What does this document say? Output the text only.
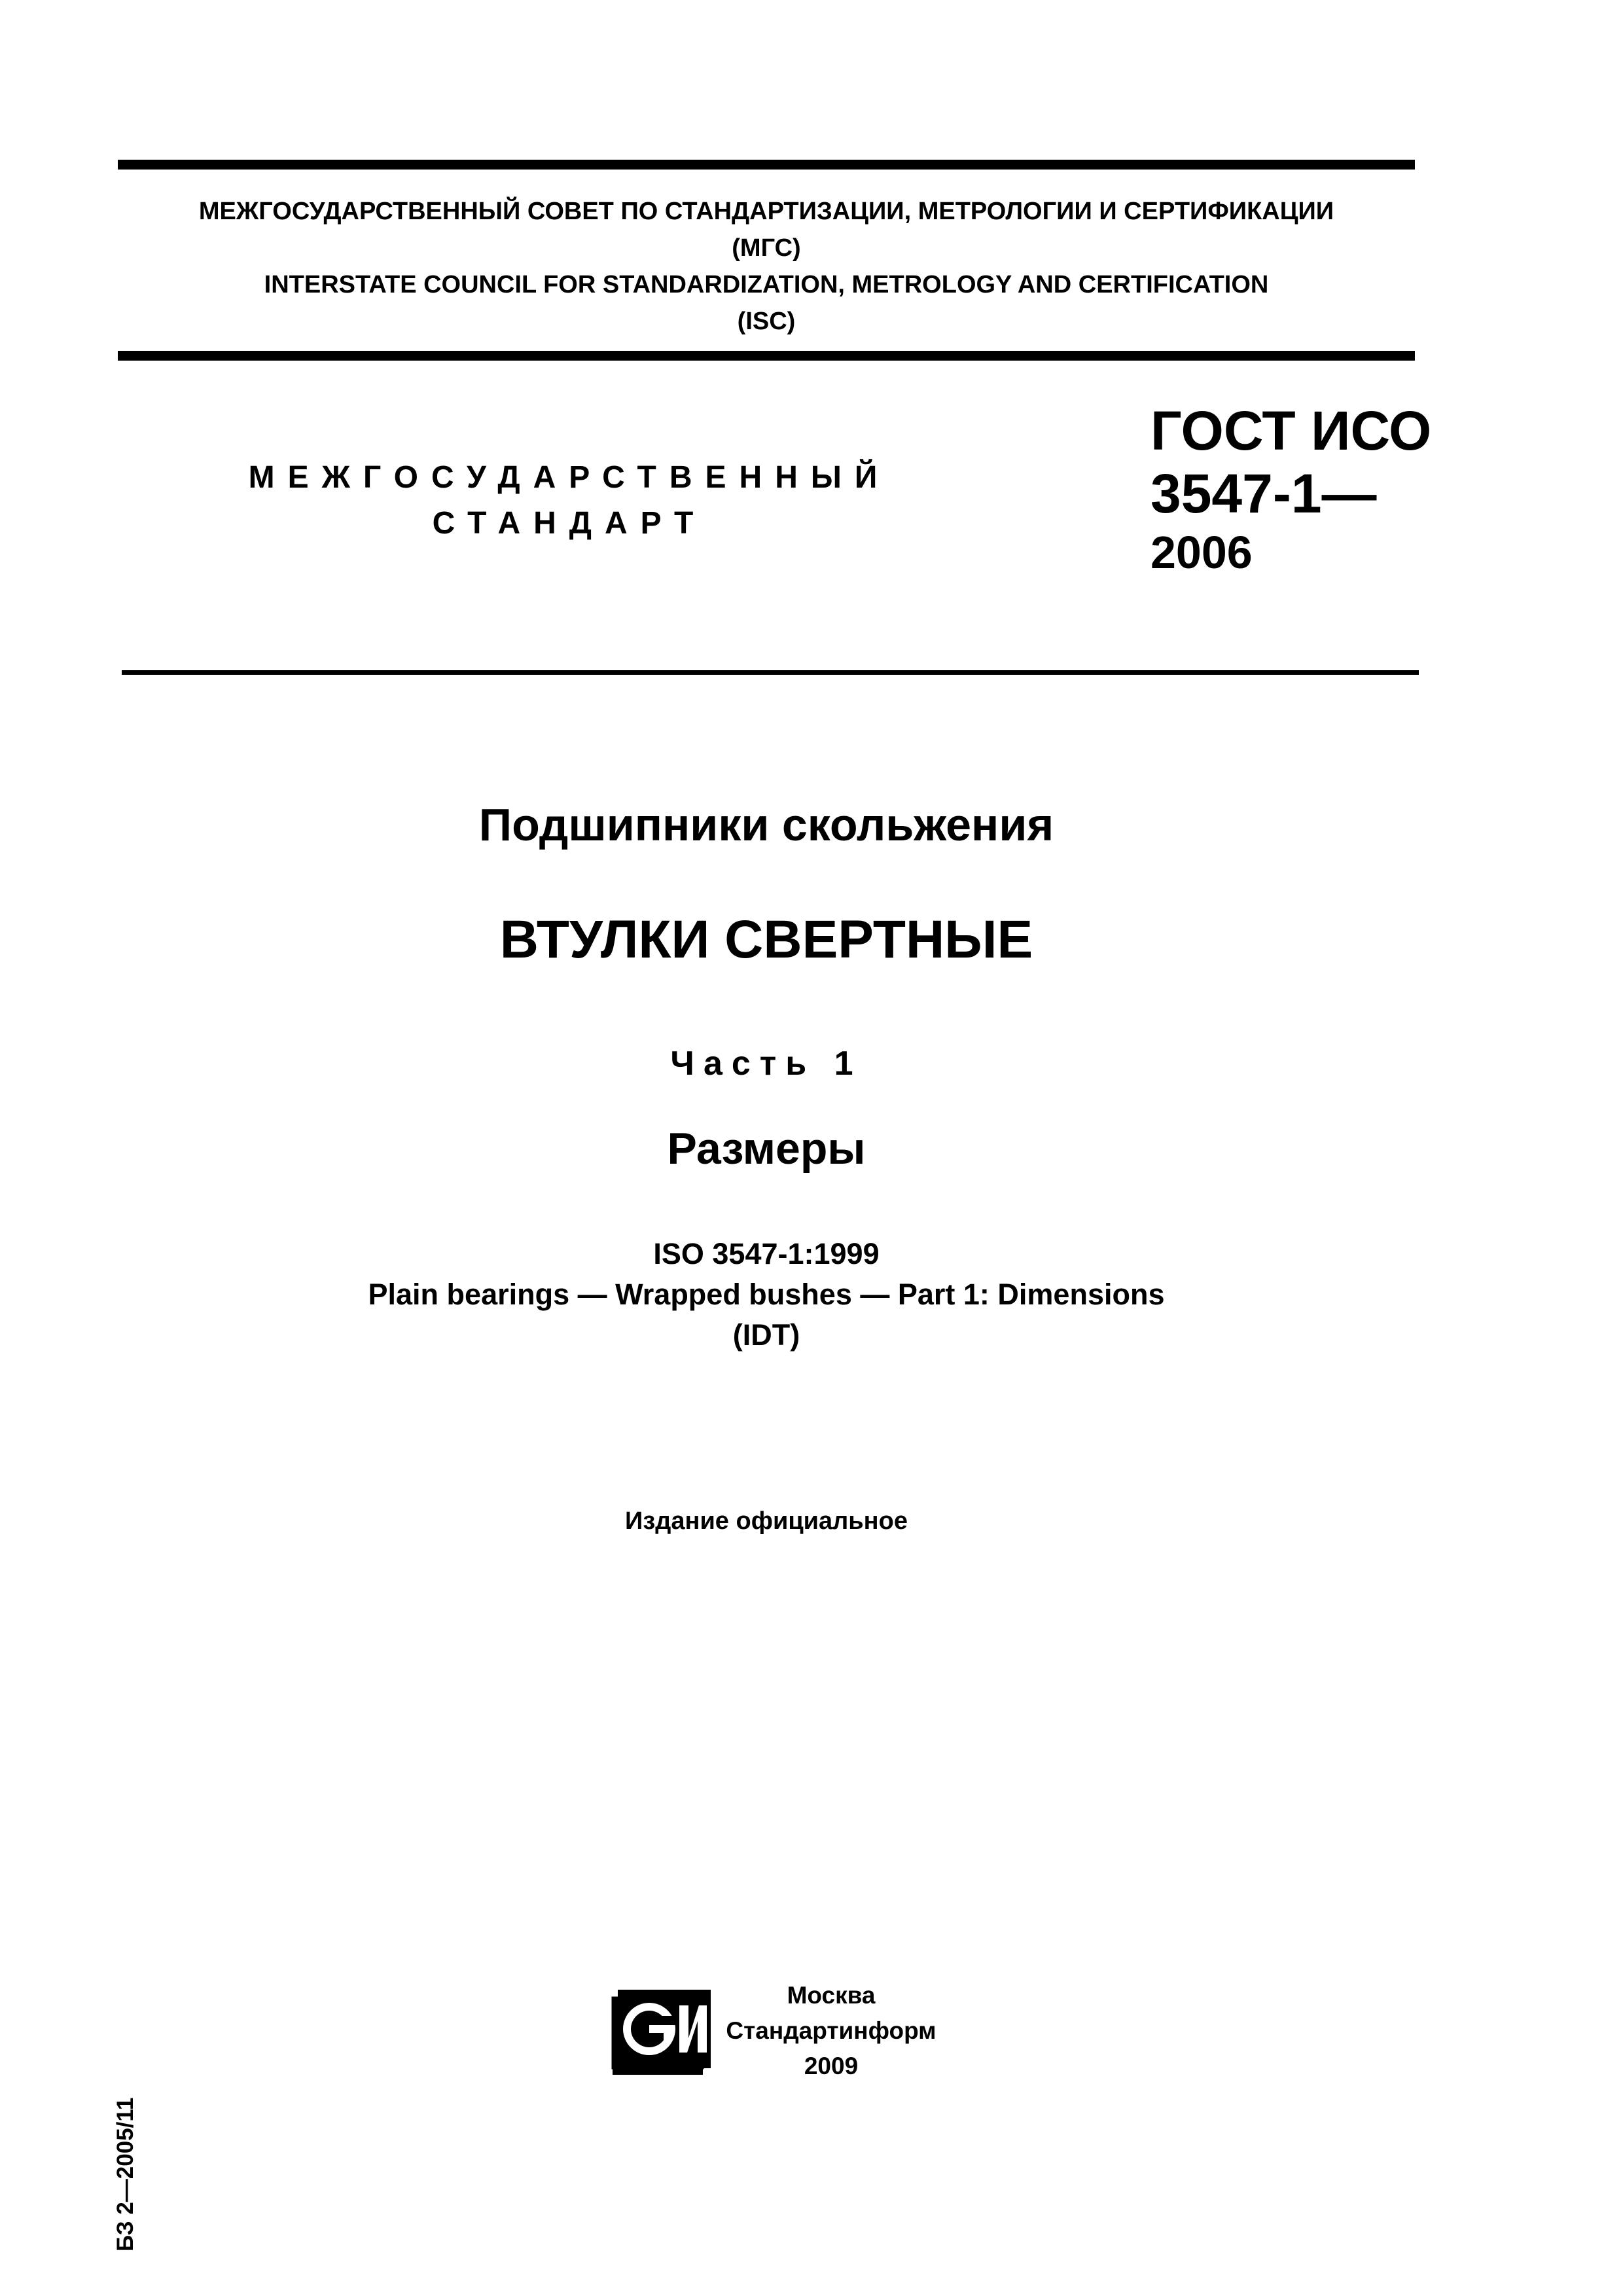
МЕЖГОСУДАРСТВЕННЫЙ СОВЕТ ПО СТАНДАРТИЗАЦИИ, МЕТРОЛОГИИ И СЕРТИФИКАЦИИ
(МГС)
INTERSTATE COUNCIL FOR STANDARDIZATION, METROLOGY AND CERTIFICATION
(ISC)
МЕЖГОСУДАРСТВЕННЫЙ
СТАНДАРТ
ГОСТ ИСО
3547-1—
2006
Подшипники скольжения
ВТУЛКИ СВЕРТНЫЕ
Часть 1
Размеры
ISO 3547-1:1999
Plain bearings — Wrapped bushes — Part 1: Dimensions
(IDT)
Издание официальное
БЗ 2—2005/11
Москва
Стандартинформ
2009
